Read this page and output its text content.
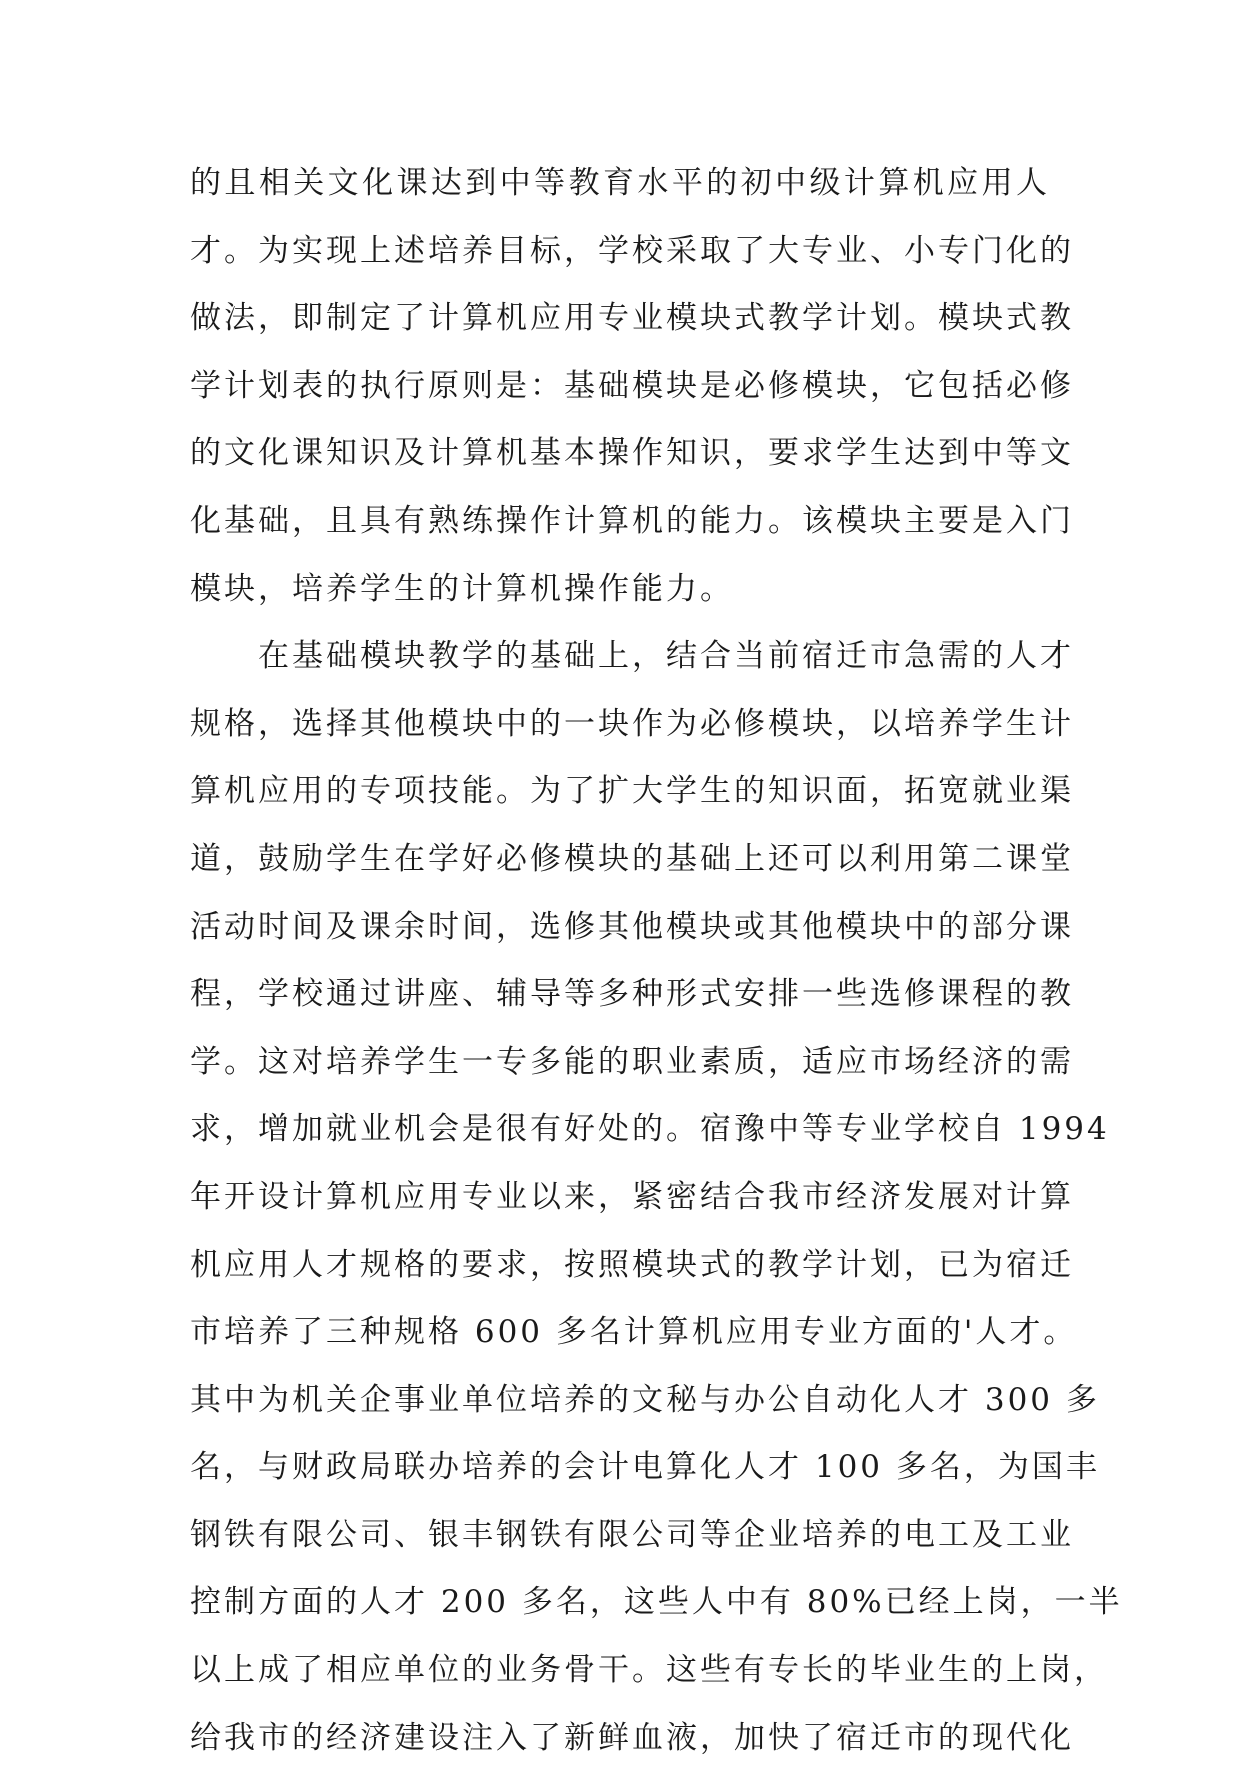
的且相关文化课达到中等教育水平的初中级计算机应用人
才。为实现上述培养目标，学校采取了大专业、小专门化的
做法，即制定了计算机应用专业模块式教学计划。模块式教
学计划表的执行原则是：基础模块是必修模块，它包括必修
的文化课知识及计算机基本操作知识，要求学生达到中等文
化基础，且具有熟练操作计算机的能力。该模块主要是入门
模块，培养学生的计算机操作能力。
在基础模块教学的基础上，结合当前宿迁市急需的人才
规格，选择其他模块中的一块作为必修模块，以培养学生计
算机应用的专项技能。为了扩大学生的知识面，拓宽就业渠
道，鼓励学生在学好必修模块的基础上还可以利用第二课堂
活动时间及课余时间，选修其他模块或其他模块中的部分课
程，学校通过讲座、辅导等多种形式安排一些选修课程的教
学。这对培养学生一专多能的职业素质，适应市场经济的需
求，增加就业机会是很有好处的。宿豫中等专业学校自 1994
年开设计算机应用专业以来，紧密结合我市经济发展对计算
机应用人才规格的要求，按照模块式的教学计划，已为宿迁
市培养了三种规格 600 多名计算机应用专业方面的'人才。
其中为机关企事业单位培养的文秘与办公自动化人才 300 多
名，与财政局联办培养的会计电算化人才 100 多名，为国丰
钢铁有限公司、银丰钢铁有限公司等企业培养的电工及工业
控制方面的人才 200 多名，这些人中有 80%已经上岗，一半
以上成了相应单位的业务骨干。这些有专长的毕业生的上岗，
给我市的经济建设注入了新鲜血液，加快了宿迁市的现代化
